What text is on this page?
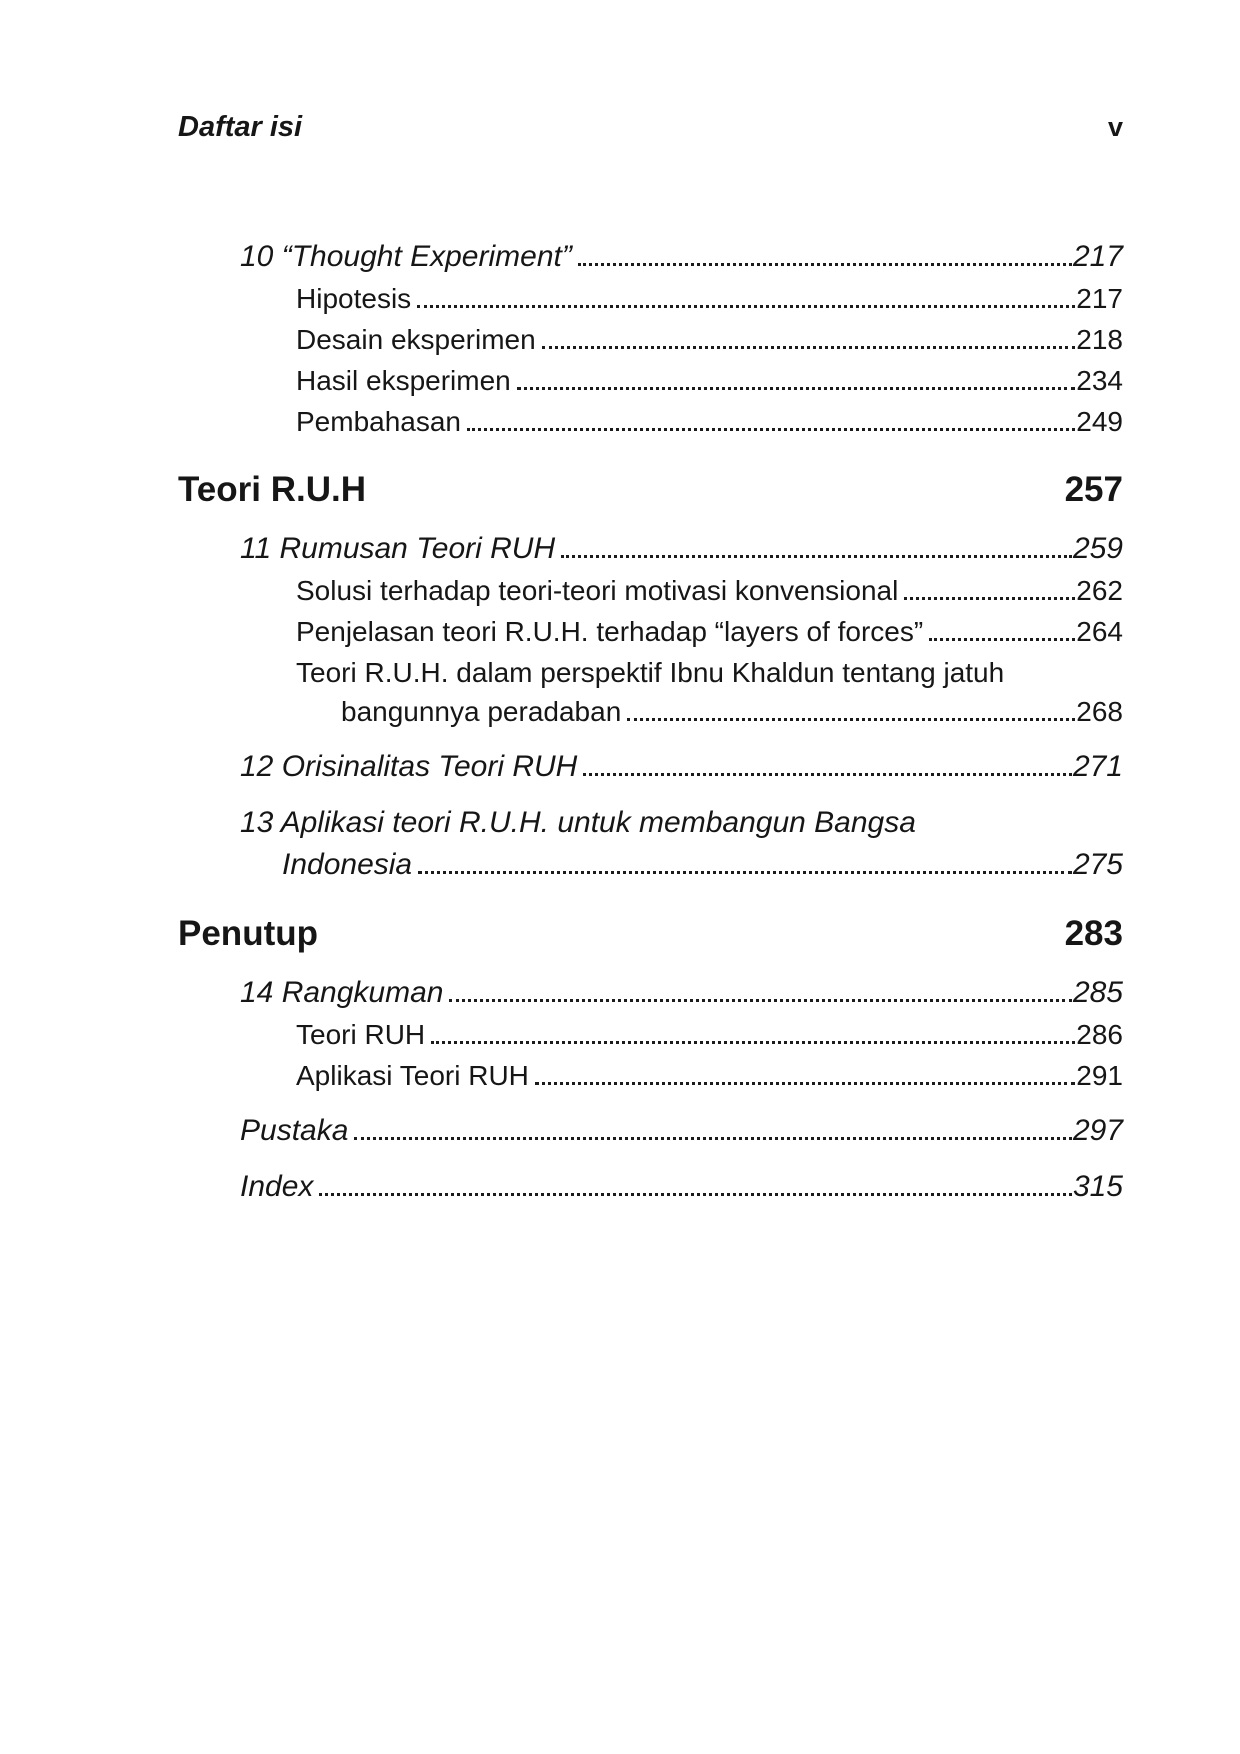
Daftar isi	v
10 “Thought Experiment”	217
Hipotesis	217
Desain eksperimen	218
Hasil eksperimen	234
Pembahasan	249
Teori R.U.H	257
11 Rumusan Teori RUH	259
Solusi terhadap teori-teori motivasi konvensional	262
Penjelasan teori R.U.H. terhadap “layers of forces”	264
Teori R.U.H. dalam perspektif Ibnu Khaldun tentang jatuh
bangunnya peradaban	268
12 Orisinalitas Teori RUH	271
13 Aplikasi teori R.U.H. untuk membangun Bangsa
Indonesia	275
Penutup	283
14 Rangkuman	285
Teori RUH	286
Aplikasi Teori RUH	291
Pustaka	297
Index	315
